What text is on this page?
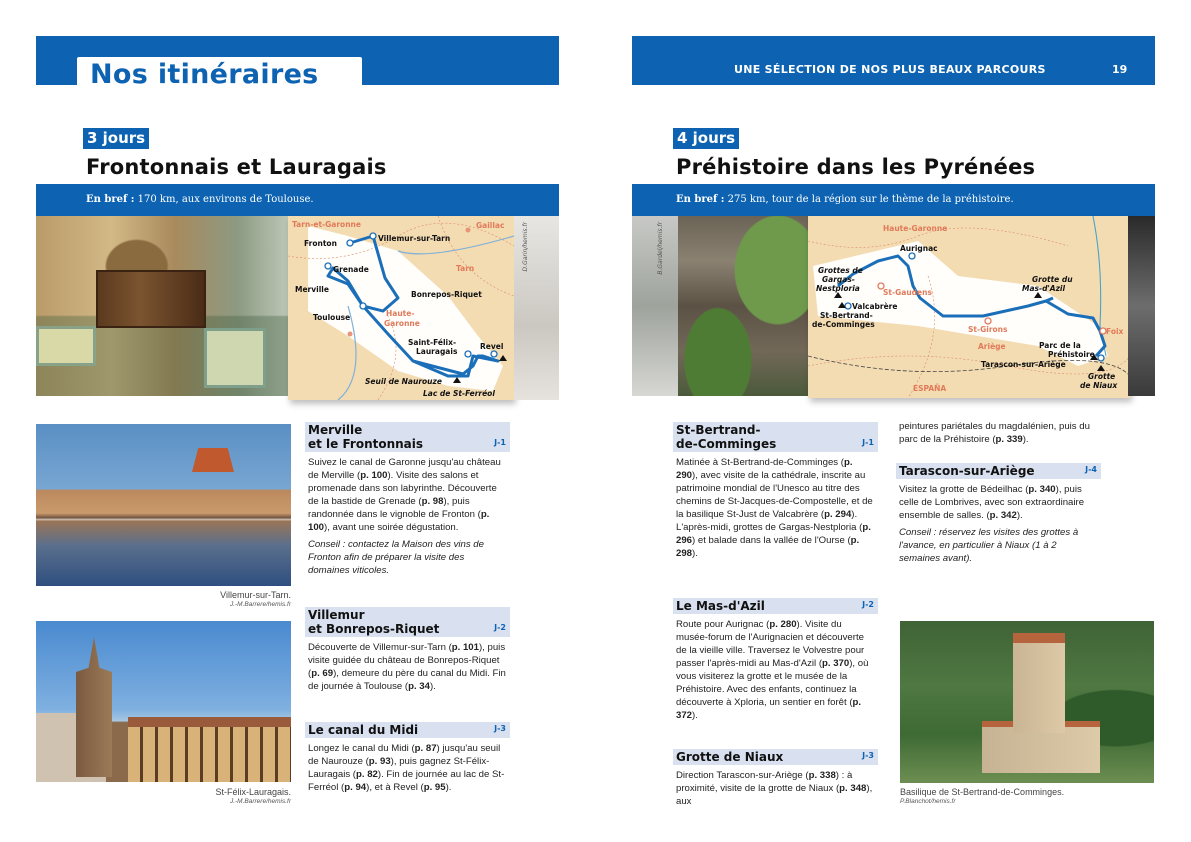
Nos itinéraires	UNE SÉLECTION DE NOS PLUS BEAUX PARCOURS	19
3 jours
Frontonnais et Lauragais
4 jours
Préhistoire dans les Pyrénées
En bref : 170 km, aux environs de Toulouse.	En bref : 275 km, tour de la région sur le thème de la préhistoire.
Fronton
Villemur-sur-Tarn
Grenade
Merville
Bonrepos-Riquet
Toulouse
Saint-Félix-
Lauragais
Revel
Seuil de Naurouze
Lac de St-Ferréol
Tarn-et-Garonne
Tarn
Haute-
Garonne
Gaillac	D.Garin/hemis.fr	B.Gardel/hemis.fr	Aurignac
Valcabrère
St-Bertrand-
de-Comminges
Parc de la
Préhistoire
Tarascon-sur-Ariège
Grottes de
Gargas-
Nestploria
Grotte du
Mas-d'Azil
Grotte
de Niaux
Haute-Garonne
Ariège
ESPAÑA
St-Gaudens
St-Girons	Foix
Villemur-sur-Tarn.
J.-M.Barrere/hemis.fr
St-Félix-Lauragais.
J.-M.Barrere/hemis.fr
Merville
et le Frontonnais	J-1
Suivez le canal de Garonne jusqu'au château de Merville (p. 100). Visite des salons et promenade dans son labyrinthe. Découverte de la bastide de Grenade (p. 98), puis randonnée dans le vignoble de Fronton (p. 100), avant une soirée dégustation.
Conseil : contactez la Maison des vins de Fronton afin de préparer la visite des domaines viticoles.
Villemur
et Bonrepos-Riquet	J-2
Découverte de Villemur-sur-Tarn (p. 101), puis visite guidée du château de Bonrepos-Riquet (p. 69), demeure du père du canal du Midi. Fin de journée à Toulouse (p. 34).
Le canal du Midi	J-3
Longez le canal du Midi (p. 87) jusqu'au seuil de Naurouze (p. 93), puis gagnez St-Félix-Lauragais (p. 82). Fin de journée au lac de St-Ferréol (p. 94), et à Revel (p. 95).
St-Bertrand-
de-Comminges	J-1
Matinée à St-Bertrand-de-Comminges (p. 290), avec visite de la cathédrale, inscrite au patrimoine mondial de l'Unesco au titre des chemins de St-Jacques-de-Compostelle, et de la basilique St-Just de Valcabrère (p. 294). L'après-midi, grottes de Gargas-Nestploria (p. 296) et balade dans la vallée de l'Ourse (p. 298).
Le Mas-d'Azil	J-2
Route pour Aurignac (p. 280). Visite du musée-forum de l'Aurignacien et découverte de la vieille ville. Traversez le Volvestre pour passer l'après-midi au Mas-d'Azil (p. 370), où vous visiterez la grotte et le musée de la Préhistoire. Avec des enfants, continuez la découverte à Xploria, un sentier en forêt (p. 372).
Grotte de Niaux	J-3
Direction Tarascon-sur-Ariège (p. 338) : à proximité, visite de la grotte de Niaux (p. 348), aux
peintures pariétales du magdalénien, puis du parc de la Préhistoire (p. 339).
Tarascon-sur-Ariège	J-4
Visitez la grotte de Bédeilhac (p. 340), puis celle de Lombrives, avec son extraordinaire ensemble de salles. (p. 342).
Conseil : réservez les visites des grottes à l'avance, en particulier à Niaux (1 à 2 semaines avant).
Basilique de St-Bertrand-de-Comminges.
P.Blanchot/hemis.fr
